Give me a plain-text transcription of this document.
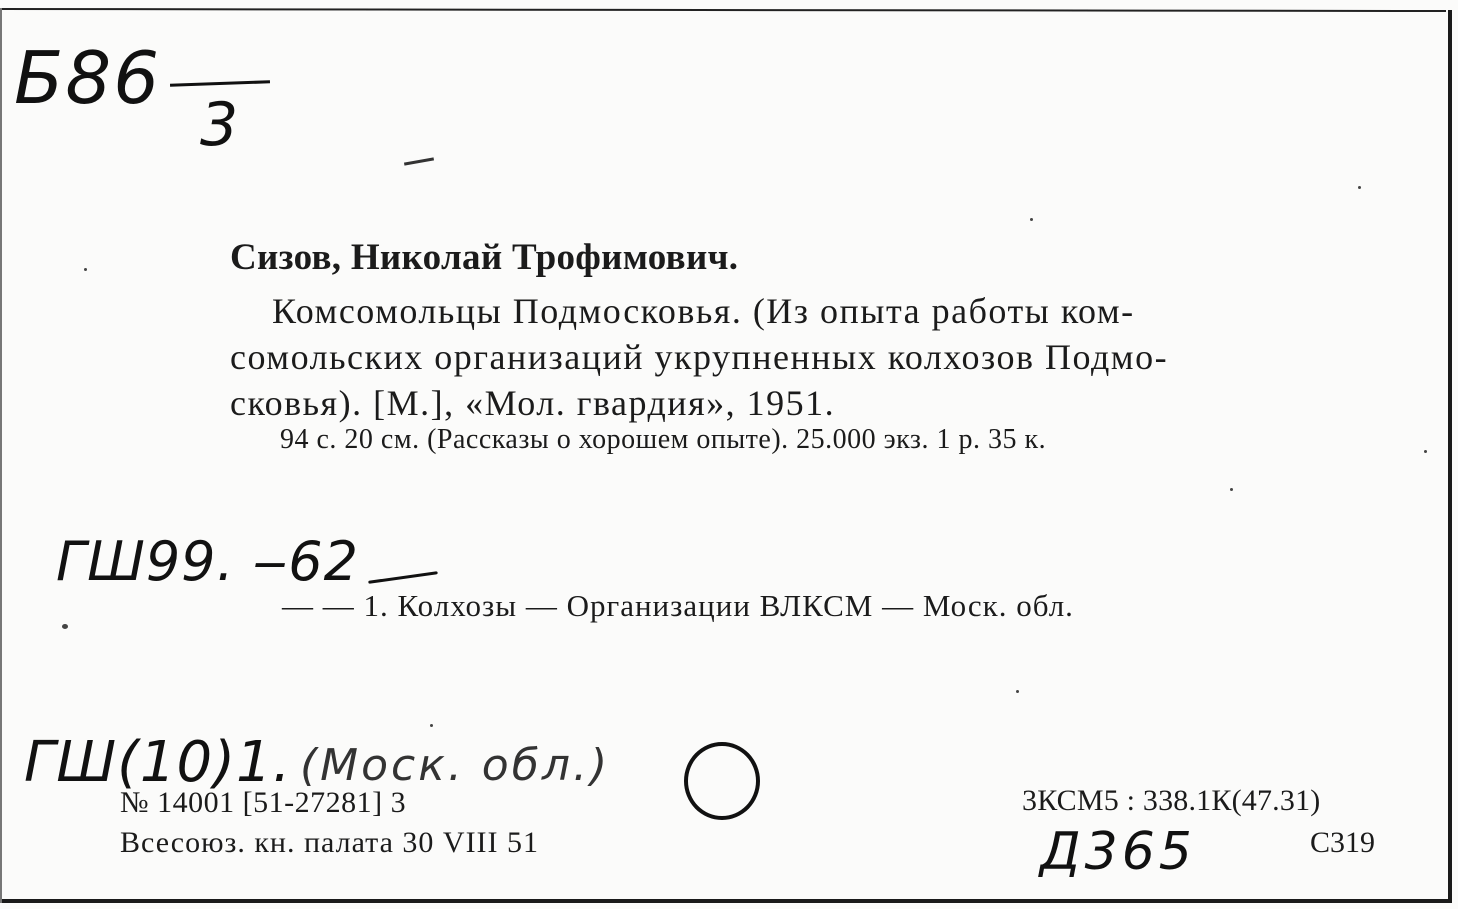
Б86
3
Сизов, Николай Трофимович.
Комсомольцы Подмосковья. (Из опыта работы ком-
сомольских организаций укрупненных колхозов Подмо-
сковья). [М.], «Мол. гвардия», 1951.
94 с. 20 см. (Рассказы о хорошем опыте). 25.000 экз. 1 р. 35 к.
ГШ99. ‒62
— — 1. Колхозы — Организации ВЛКСМ — Моск. обл.
ГШ(10)1. (Моск. обл.)
№ 14001 [51-27281] 3
Всесоюз. кн. палата 30 VIII 51
3КСМ5 : 338.1К(47.31)
С319
Д365
